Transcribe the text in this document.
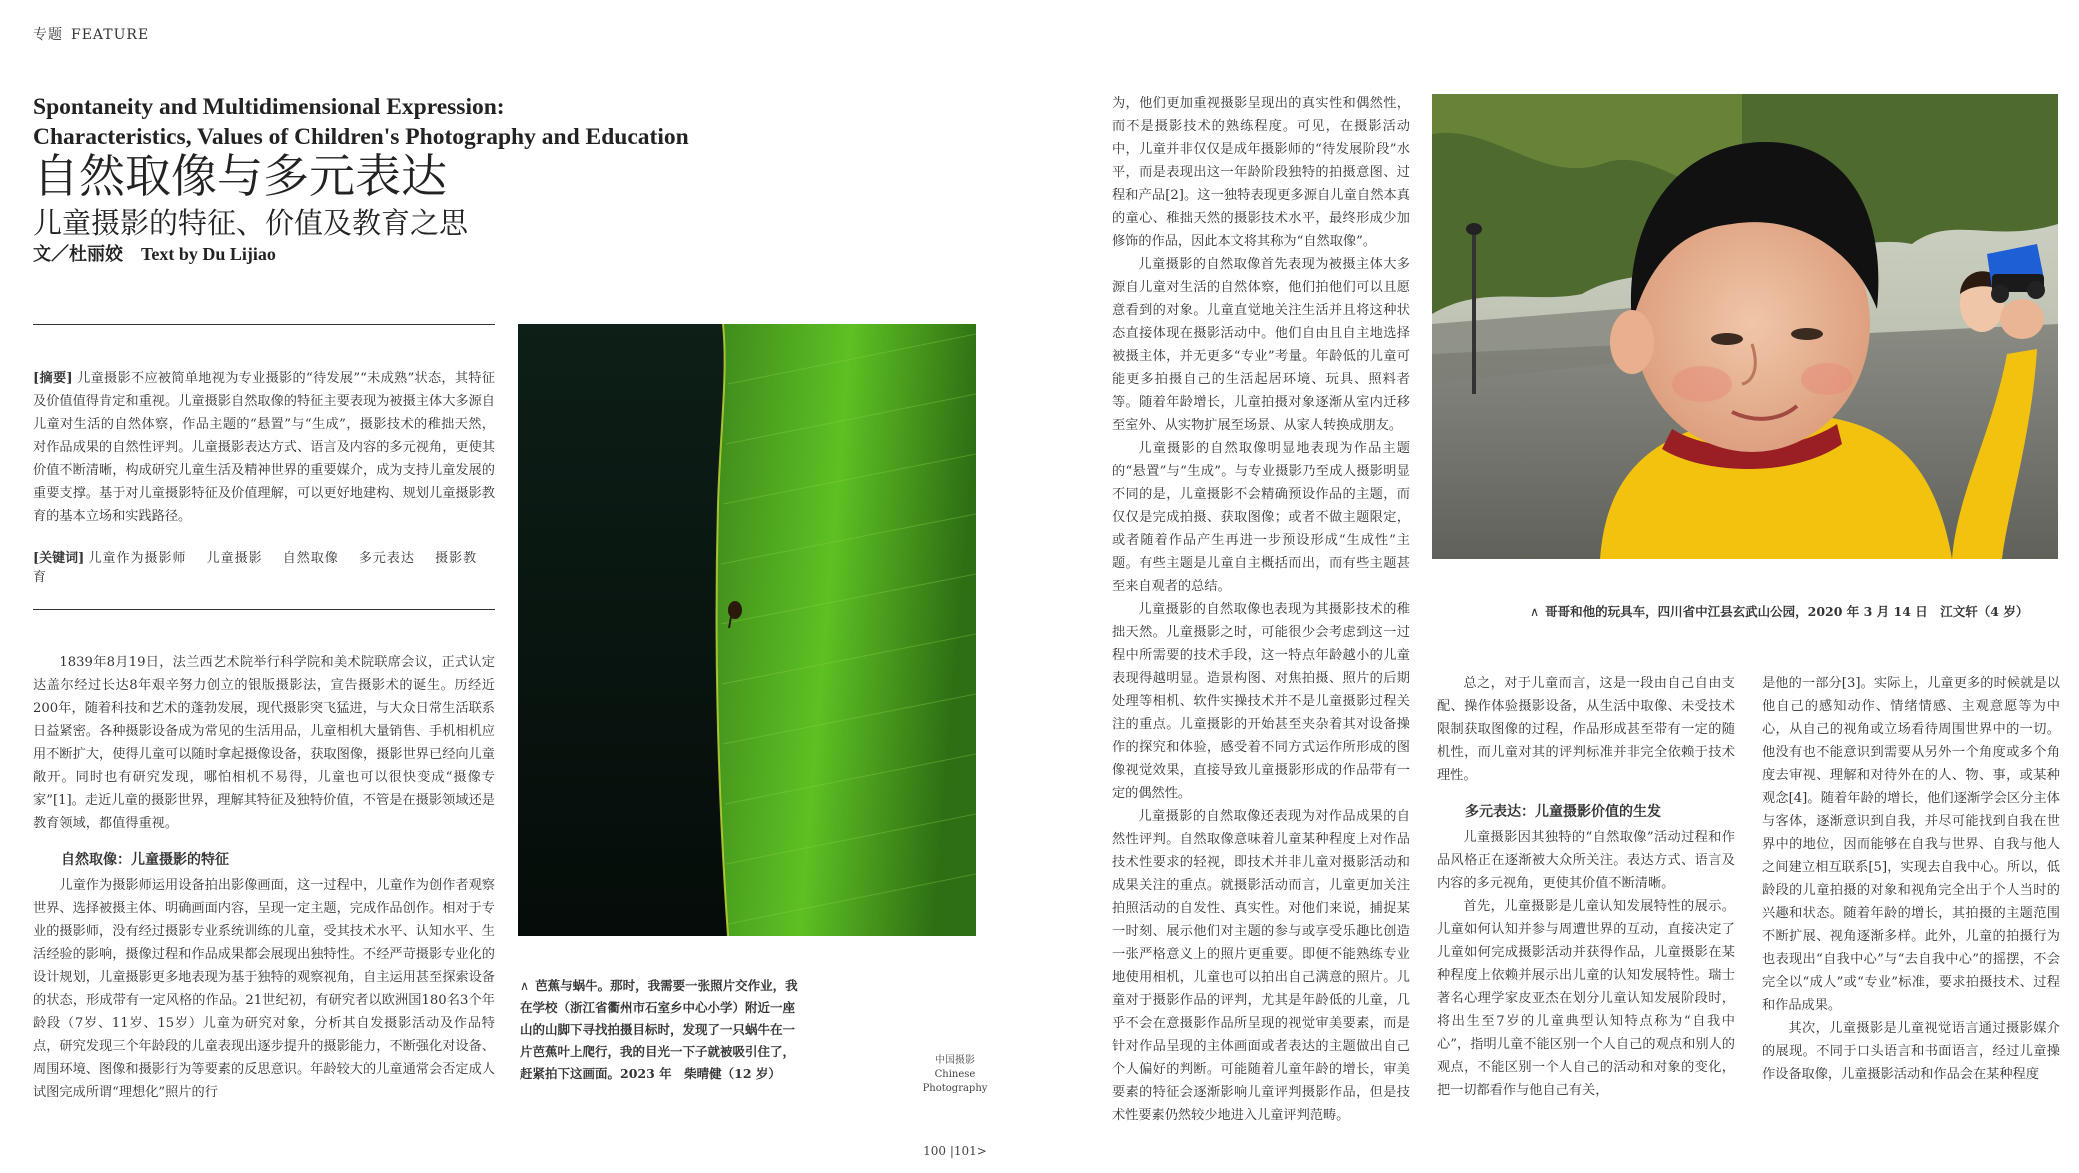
专题 FEATURE
Spontaneity and Multidimensional Expression:
Characteristics, Values of Children's Photography and Education
自然取像与多元表达
儿童摄影的特征、价值及教育之思
文／杜丽姣 Text by Du Lijiao
[摘要] 儿童摄影不应被简单地视为专业摄影的“待发展”“未成熟”状态，其特征及价值值得肯定和重视。儿童摄影自然取像的特征主要表现为被摄主体大多源自儿童对生活的自然体察，作品主题的“悬置”与“生成”，摄影技术的稚拙天然，对作品成果的自然性评判。儿童摄影表达方式、语言及内容的多元视角，更使其价值不断清晰，构成研究儿童生活及精神世界的重要媒介，成为支持儿童发展的重要支撑。基于对儿童摄影特征及价值理解，可以更好地建构、规划儿童摄影教育的基本立场和实践路径。
[关键词] 儿童作为摄影师 儿童摄影 自然取像 多元表达 摄影教育

1839年8月19日，法兰西艺术院举行科学院和美术院联席会议，正式认定达盖尔经过长达8年艰辛努力创立的银版摄影法，宣告摄影术的诞生。历经近200年，随着科技和艺术的蓬勃发展，现代摄影突飞猛进，与大众日常生活联系日益紧密。各种摄影设备成为常见的生活用品，儿童相机大量销售、手机相机应用不断扩大，使得儿童可以随时拿起摄像设备，获取图像，摄影世界已经向儿童敞开。同时也有研究发现，哪怕相机不易得，儿童也可以很快变成“摄像专家”[1]。走近儿童的摄影世界，理解其特征及独特价值，不管是在摄影领域还是教育领域，都值得重视。

自然取像：儿童摄影的特征

儿童作为摄影师运用设备拍出影像画面，这一过程中，儿童作为创作者观察世界、选择被摄主体、明确画面内容，呈现一定主题，完成作品创作。相对于专业的摄影师，没有经过摄影专业系统训练的儿童，受其技术水平、认知水平、生活经验的影响，摄像过程和作品成果都会展现出独特性。不经严苛摄影专业化的设计规划，儿童摄影更多地表现为基于独特的观察视角，自主运用甚至探索设备的状态，形成带有一定风格的作品。21世纪初，有研究者以欧洲国180名3个年龄段（7岁、11岁、15岁）儿童为研究对象，分析其自发摄影活动及作品特点，研究发现三个年龄段的儿童表现出逐步提升的摄影能力，不断强化对设备、周围环境、图像和摄影行为等要素的反思意识。年龄较大的儿童通常会否定成人试图完成所谓“理想化”照片的行

∧ 芭蕉与蜗牛。那时，我需要一张照片交作业，我在学校（浙江省衢州市石室乡中心小学）附近一座山的山脚下寻找拍摄目标时，发现了一只蜗牛在一片芭蕉叶上爬行，我的目光一下子就被吸引住了，赶紧拍下这画面。2023 年　柴晴健（12 岁）
中国摄影
Chinese
Photography

为，他们更加重视摄影呈现出的真实性和偶然性，而不是摄影技术的熟练程度。可见，在摄影活动中，儿童并非仅仅是成年摄影师的“待发展阶段”水平，而是表现出这一年龄阶段独特的拍摄意图、过程和产品[2]。这一独特表现更多源自儿童自然本真的童心、稚拙天然的摄影技术水平，最终形成少加修饰的作品，因此本文将其称为“自然取像”。

儿童摄影的自然取像首先表现为被摄主体大多源自儿童对生活的自然体察，他们拍他们可以且愿意看到的对象。儿童直觉地关注生活并且将这种状态直接体现在摄影活动中。他们自由且自主地选择被摄主体，并无更多“专业”考量。年龄低的儿童可能更多拍摄自己的生活起居环境、玩具、照料者等。随着年龄增长，儿童拍摄对象逐渐从室内迁移至室外、从实物扩展至场景、从家人转换成朋友。

儿童摄影的自然取像明显地表现为作品主题的“悬置”与“生成”。与专业摄影乃至成人摄影明显不同的是，儿童摄影不会精确预设作品的主题，而仅仅是完成拍摄、获取图像；或者不做主题限定，或者随着作品产生再进一步预设形成“生成性”主题。有些主题是儿童自主概括而出，而有些主题甚至来自观者的总结。

儿童摄影的自然取像也表现为其摄影技术的稚拙天然。儿童摄影之时，可能很少会考虑到这一过程中所需要的技术手段，这一特点年龄越小的儿童表现得越明显。造景构图、对焦拍摄、照片的后期处理等相机、软件实操技术并不是儿童摄影过程关注的重点。儿童摄影的开始甚至夹杂着其对设备操作的探究和体验，感受着不同方式运作所形成的图像视觉效果，直接导致儿童摄影形成的作品带有一定的偶然性。

儿童摄影的自然取像还表现为对作品成果的自然性评判。自然取像意味着儿童某种程度上对作品技术性要求的轻视，即技术并非儿童对摄影活动和成果关注的重点。就摄影活动而言，儿童更加关注拍照活动的自发性、真实性。对他们来说，捕捉某一时刻、展示他们对主题的参与或享受乐趣比创造一张严格意义上的照片更重要。即便不能熟练专业地使用相机，儿童也可以拍出自己满意的照片。儿童对于摄影作品的评判，尤其是年龄低的儿童，几乎不会在意摄影作品所呈现的视觉审美要素，而是针对作品呈现的主体画面或者表达的主题做出自己个人偏好的判断。可能随着儿童年龄的增长，审美要素的特征会逐渐影响儿童评判摄影作品，但是技术性要素仍然较少地进入儿童评判范畴。

∧ 哥哥和他的玩具车，四川省中江县玄武山公园，2020 年 3 月 14 日　江文轩（4 岁）

总之，对于儿童而言，这是一段由自己自由支配、操作体验摄影设备，从生活中取像、未受技术限制获取图像的过程，作品形成甚至带有一定的随机性，而儿童对其的评判标准并非完全依赖于技术理性。

多元表达：儿童摄影价值的生发

儿童摄影因其独特的“自然取像”活动过程和作品风格正在逐渐被大众所关注。表达方式、语言及内容的多元视角，更使其价值不断清晰。

首先，儿童摄影是儿童认知发展特性的展示。儿童如何认知并参与周遭世界的互动，直接决定了儿童如何完成摄影活动并获得作品，儿童摄影在某种程度上依赖并展示出儿童的认知发展特性。瑞士著名心理学家皮亚杰在划分儿童认知发展阶段时，将出生至7岁的儿童典型认知特点称为“自我中心”，指明儿童不能区别一个人自己的观点和别人的观点，不能区别一个人自己的活动和对象的变化，把一切都看作与他自己有关，

是他的一部分[3]。实际上，儿童更多的时候就是以他自己的感知动作、情绪情感、主观意愿等为中心，从自己的视角或立场看待周围世界中的一切。他没有也不能意识到需要从另外一个角度或多个角度去审视、理解和对待外在的人、物、事，或某种观念[4]。随着年龄的增长，他们逐渐学会区分主体与客体，逐渐意识到自我，并尽可能找到自我在世界中的地位，因而能够在自我与世界、自我与他人之间建立相互联系[5]，实现去自我中心。所以，低龄段的儿童拍摄的对象和视角完全出于个人当时的兴趣和状态。随着年龄的增长，其拍摄的主题范围不断扩展、视角逐渐多样。此外，儿童的拍摄行为也表现出“自我中心”与“去自我中心”的摇摆，不会完全以“成人”或“专业”标准，要求拍摄技术、过程和作品成果。

其次，儿童摄影是儿童视觉语言通过摄影媒介的展现。不同于口头语言和书面语言，经过儿童操作设备取像，儿童摄影活动和作品会在某种程度

100 |101>
